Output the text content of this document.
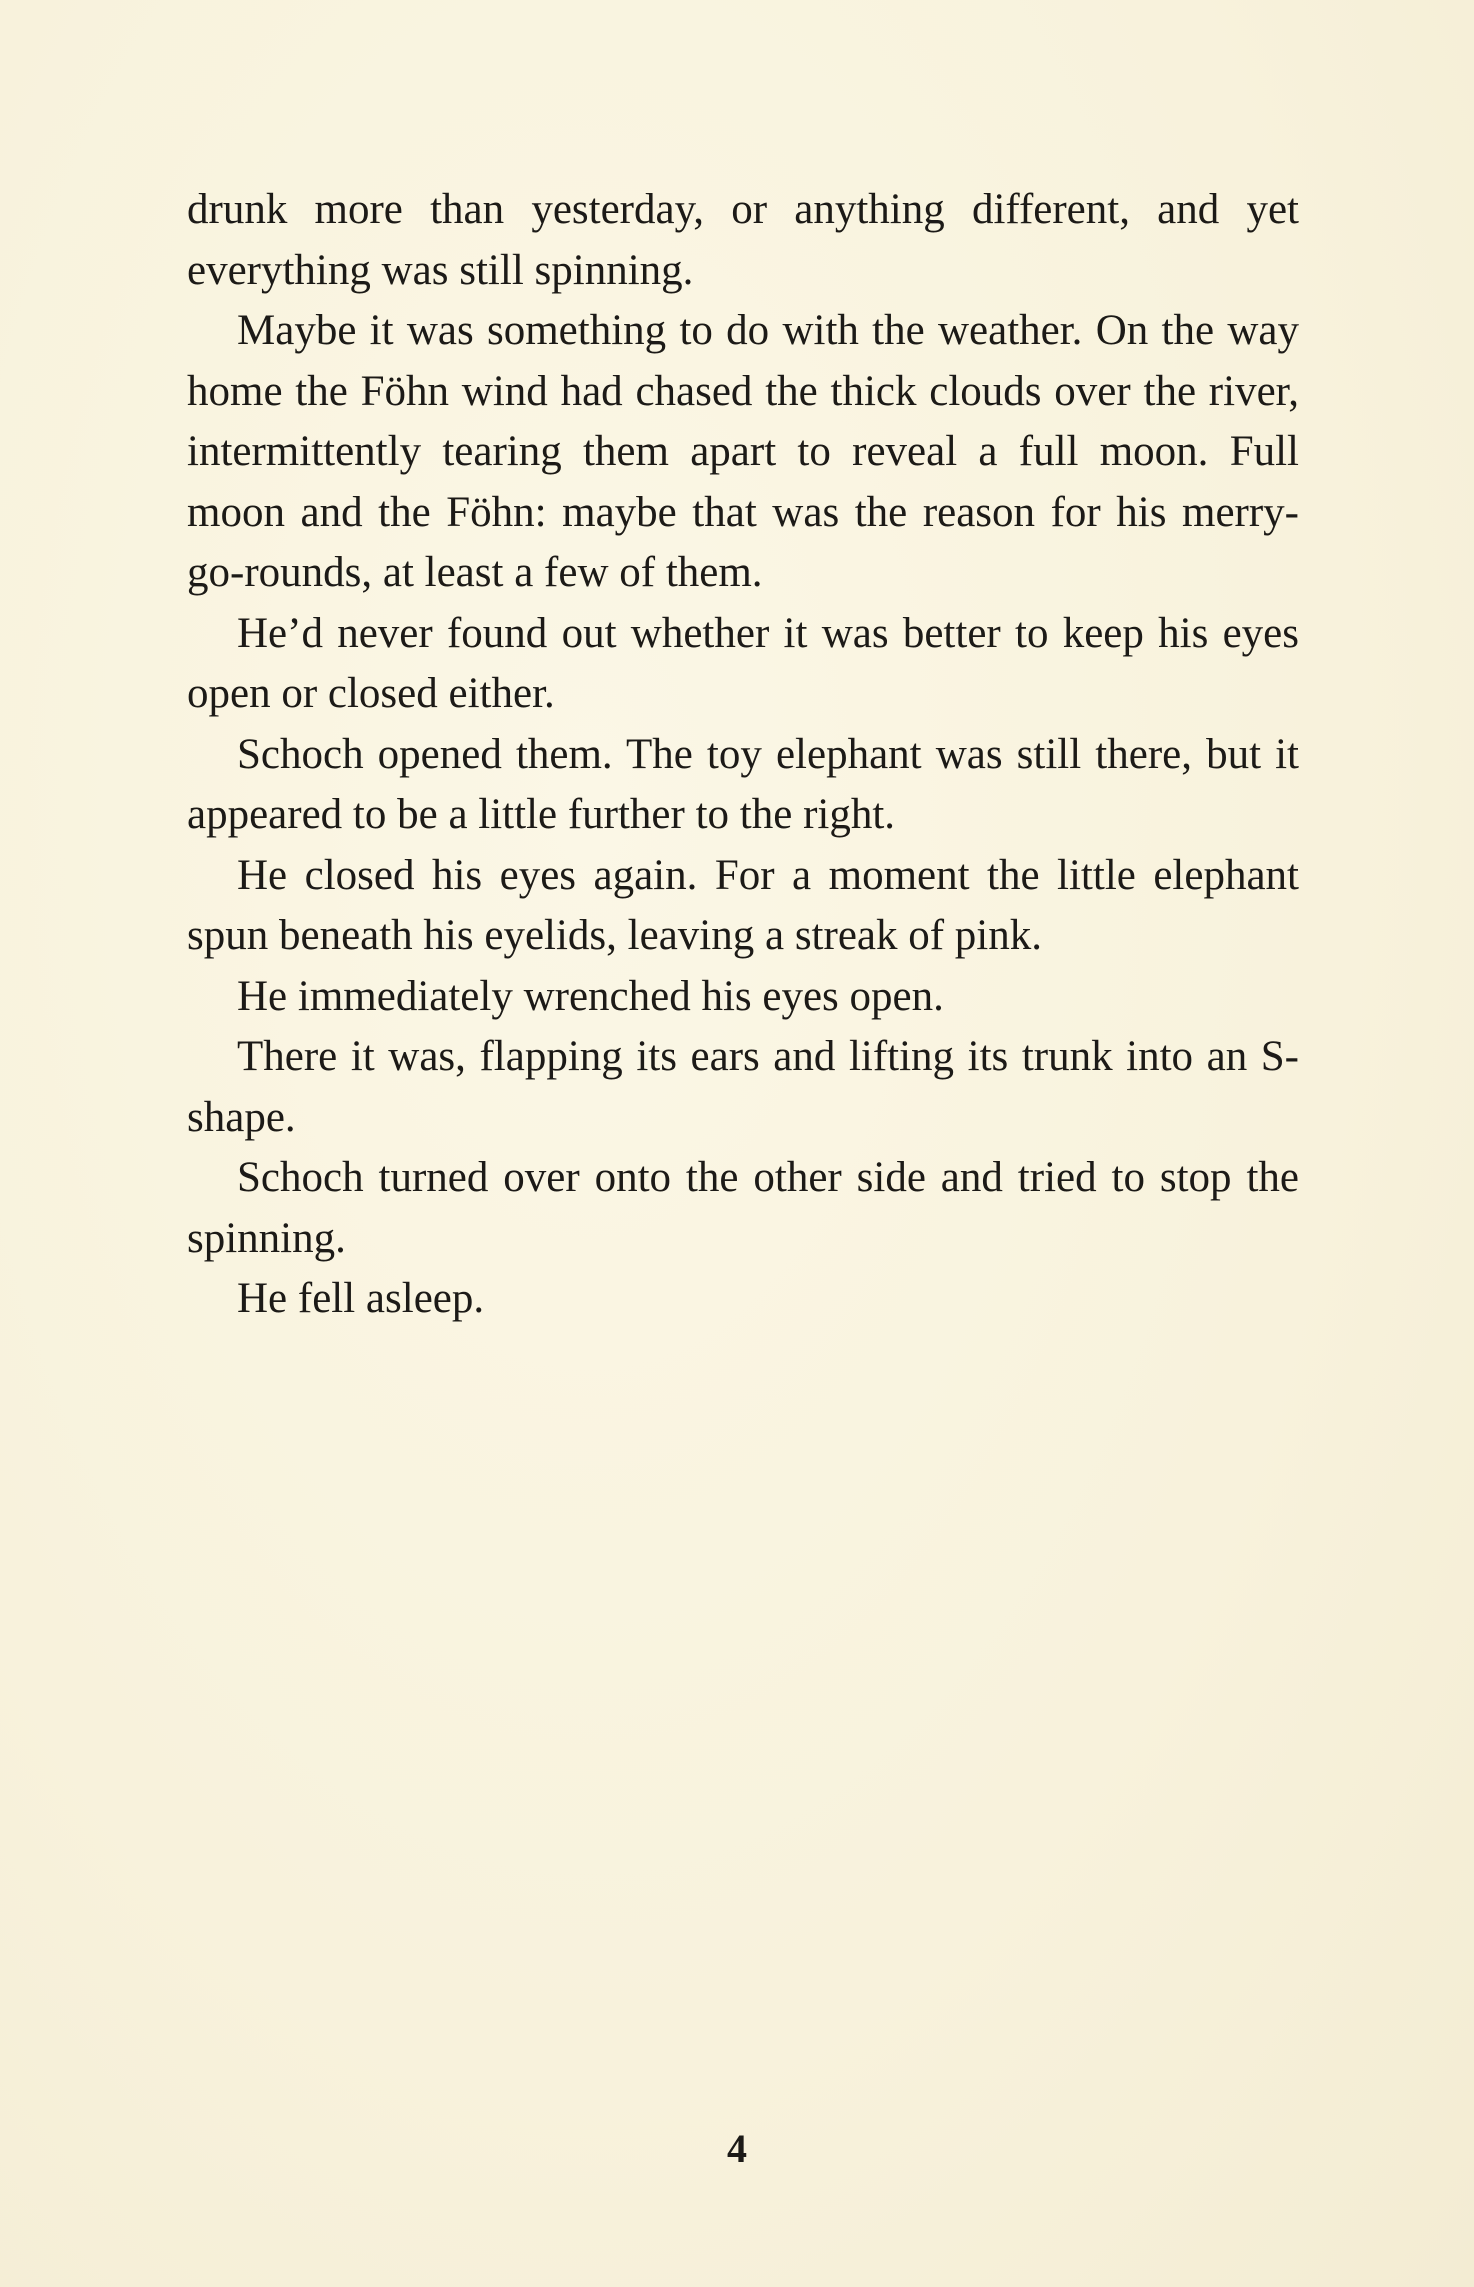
drunk more than yesterday, or anything different, and yet everything was still spinning.

Maybe it was something to do with the weather. On the way home the Föhn wind had chased the thick clouds over the river, intermittently tearing them apart to reveal a full moon. Full moon and the Föhn: maybe that was the reason for his merry-go-rounds, at least a few of them.

He’d never found out whether it was better to keep his eyes open or closed either.

Schoch opened them. The toy elephant was still there, but it appeared to be a little further to the right.

He closed his eyes again. For a moment the little elephant spun beneath his eyelids, leaving a streak of pink.

He immediately wrenched his eyes open.

There it was, flapping its ears and lifting its trunk into an S-shape.

Schoch turned over onto the other side and tried to stop the spinning.

He fell asleep.

4
